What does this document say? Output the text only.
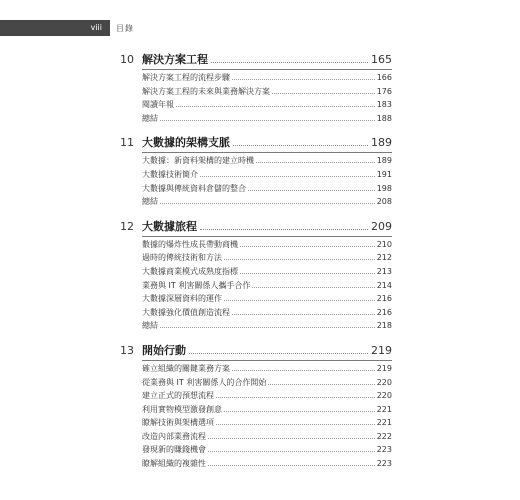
viii	目錄
10 解決方案工程	165
解決方案工程的流程步驟	166
解決方案工程的未來與業務解決方案	176
閱讀年報	183
總結	188
11 大數據的架構支脈	189
大數據：新資料架構的建立時機	189
大數據技術簡介	191
大數據與傳統資料倉儲的整合	198
總結	208
12 大數據旅程	209
數據的爆炸性成長帶動商機	210
過時的傳統技術和方法	212
大數據商業模式成熟度指標	213
業務與 IT 利害關係人攜手合作	214
大數據深層資料的運作	216
大數據強化價值創造流程	216
總結	218
13 開始行動	219
確立組織的關鍵業務方案	219
從業務與 IT 利害關係人的合作開始	220
建立正式的預想流程	220
利用實物模型激發創意	221
瞭解技術與架構選項	221
改造內部業務流程	222
發現新的賺錢機會	223
瞭解組織的複雜性	223
